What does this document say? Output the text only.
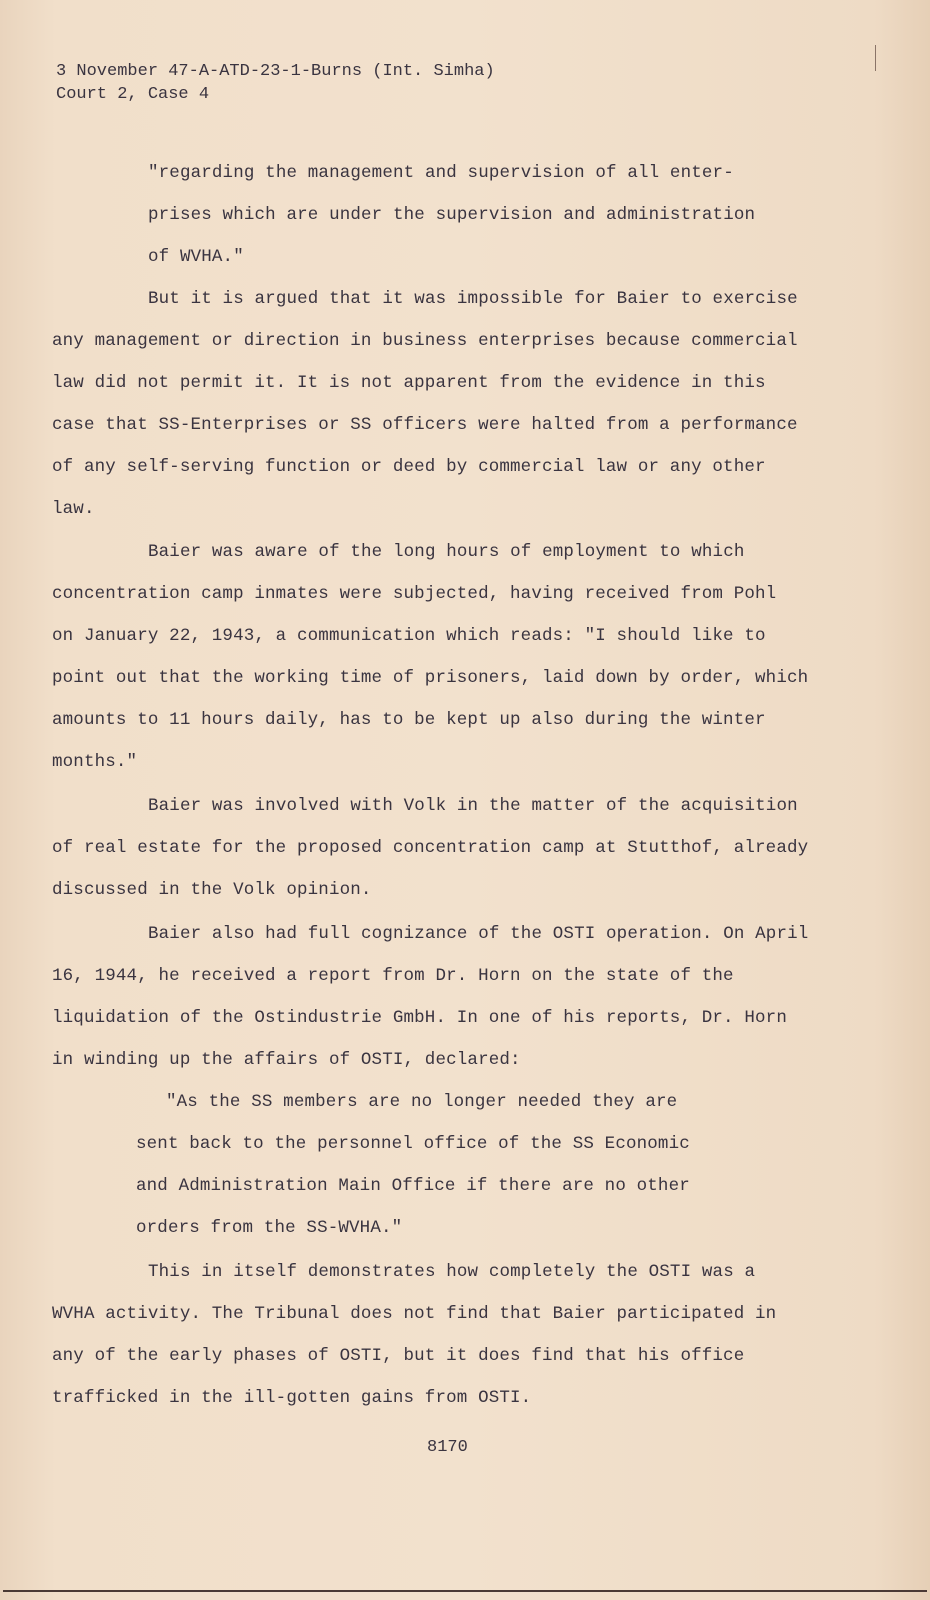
3 November 47-A-ATD-23-1-Burns (Int. Simha)
Court 2, Case 4
"regarding the management and supervision of all enter-
prises which are under the supervision and administration
of WVHA."
But it is argued that it was impossible for Baier to exercise
any management or direction in business enterprises because commercial
law did not permit it. It is not apparent from the evidence in this
case that SS-Enterprises or SS officers were halted from a performance
of any self-serving function or deed by commercial law or any other
law.
Baier was aware of the long hours of employment to which
concentration camp inmates were subjected, having received from Pohl
on January 22, 1943, a communication which reads: "I should like to
point out that the working time of prisoners, laid down by order, which
amounts to 11 hours daily, has to be kept up also during the winter
months."
Baier was involved with Volk in the matter of the acquisition
of real estate for the proposed concentration camp at Stutthof, already
discussed in the Volk opinion.
Baier also had full cognizance of the OSTI operation. On April
16, 1944, he received a report from Dr. Horn on the state of the
liquidation of the Ostindustrie GmbH. In one of his reports, Dr. Horn
in winding up the affairs of OSTI, declared:
"As the SS members are no longer needed they are
sent back to the personnel office of the SS Economic
and Administration Main Office if there are no other
orders from the SS-WVHA."
This in itself demonstrates how completely the OSTI was a
WVHA activity. The Tribunal does not find that Baier participated in
any of the early phases of OSTI, but it does find that his office
trafficked in the ill-gotten gains from OSTI.
8170
